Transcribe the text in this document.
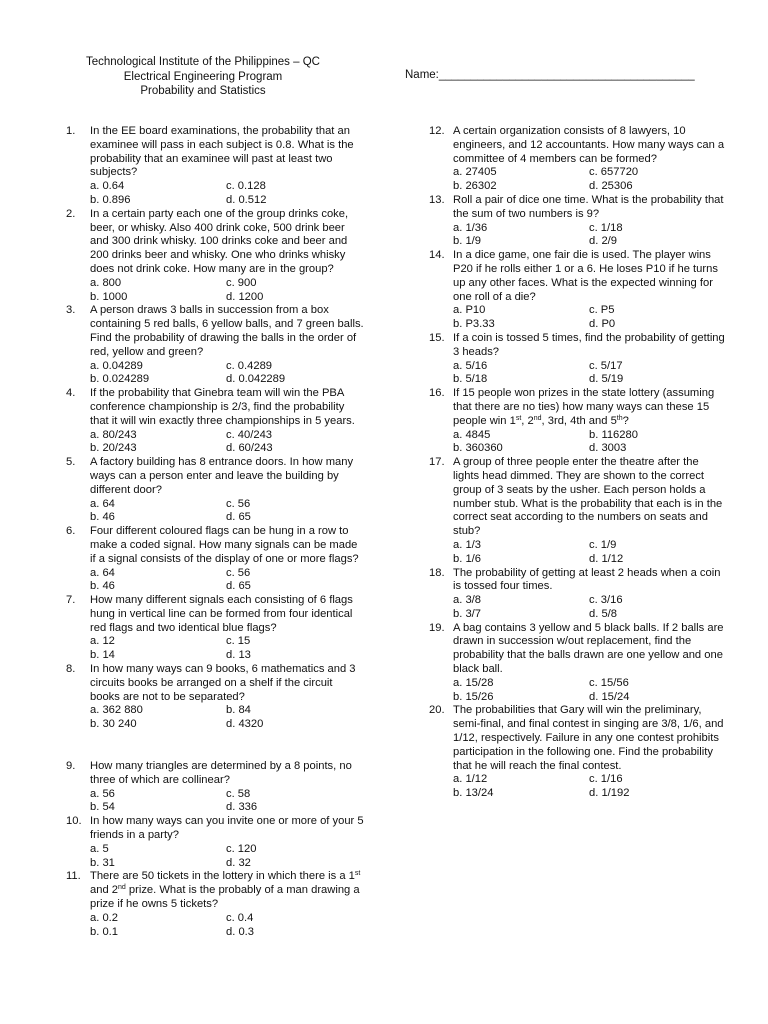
Technological Institute of the Philippines – QC
Electrical Engineering Program
Probability and Statistics
Name:________________________________________
1. In the EE board examinations, the probability that an examinee will pass in each subject is 0.8. What is the probability that an examinee will past at least two subjects?
a. 0.64	c. 0.128
b. 0.896	d. 0.512
2. In a certain party each one of the group drinks coke, beer, or whisky. Also 400 drink coke, 500 drink beer and 300 drink whisky. 100 drinks coke and beer and 200 drinks beer and whisky. One who drinks whisky does not drink coke. How many are in the group?
a. 800	c. 900
b. 1000	d. 1200
3. A person draws 3 balls in succession from a box containing 5 red balls, 6 yellow balls, and 7 green balls. Find the probability of drawing the balls in the order of red, yellow and green?
a. 0.04289	c. 0.4289
b. 0.024289	d. 0.042289
4. If the probability that Ginebra team will win the PBA conference championship is 2/3, find the probability that it will win exactly three championships in 5 years.
a. 80/243	c. 40/243
b. 20/243	d. 60/243
5. A factory building has 8 entrance doors. In how many ways can a person enter and leave the building by different door?
a. 64	c. 56
b. 46	d. 65
6. Four different coloured flags can be hung in a row to make a coded signal. How many signals can be made if a signal consists of the display of one or more flags?
a. 64	c. 56
b. 46	d. 65
7. How many different signals each consisting of 6 flags hung in vertical line can be formed from four identical red flags and two identical blue flags?
a. 12	c. 15
b. 14	d. 13
8. In how many ways can 9 books, 6 mathematics and 3 circuits books be arranged on a shelf if the circuit books are not to be separated?
a. 362 880	b. 84
b. 30 240	d. 4320
9. How many triangles are determined by a 8 points, no three of which are collinear?
a. 56	c. 58
b. 54	d. 336
10. In how many ways can you invite one or more of your 5 friends in a party?
a. 5	c. 120
b. 31	d. 32
11. There are 50 tickets in the lottery in which there is a 1st and 2nd prize. What is the probably of a man drawing a prize if he owns 5 tickets?
a. 0.2	c. 0.4
b. 0.1	d. 0.3
12. A certain organization consists of 8 lawyers, 10 engineers, and 12 accountants. How many ways can a committee of 4 members can be formed?
a. 27405	c. 657720
b. 26302	d. 25306
13. Roll a pair of dice one time. What is the probability that the sum of two numbers is 9?
a. 1/36	c. 1/18
b. 1/9	d. 2/9
14. In a dice game, one fair die is used. The player wins P20 if he rolls either 1 or a 6. He loses P10 if he turns up any other faces. What is the expected winning for one roll of a die?
a. P10	c. P5
b. P3.33	d. P0
15. If a coin is tossed 5 times, find the probability of getting 3 heads?
a. 5/16	c. 5/17
b. 5/18	d. 5/19
16. If 15 people won prizes in the state lottery (assuming that there are no ties) how many ways can these 15 people win 1st, 2nd, 3rd, 4th and 5th?
a. 4845	b. 116280
b. 360360	d. 3003
17. A group of three people enter the theatre after the lights head dimmed. They are shown to the correct group of 3 seats by the usher. Each person holds a number stub. What is the probability that each is in the correct seat according to the numbers on seats and stub?
a. 1/3	c. 1/9
b. 1/6	d. 1/12
18. The probability of getting at least 2 heads when a coin is tossed four times.
a. 3/8	c. 3/16
b. 3/7	d. 5/8
19. A bag contains 3 yellow and 5 black balls. If 2 balls are drawn in succession w/out replacement, find the probability that the balls drawn are one yellow and one black ball.
a. 15/28	c. 15/56
b. 15/26	d. 15/24
20. The probabilities that Gary will win the preliminary, semi-final, and final contest in singing are 3/8, 1/6, and 1/12, respectively. Failure in any one contest prohibits participation in the following one. Find the probability that he will reach the final contest.
a. 1/12	c. 1/16
b. 13/24	d. 1/192
